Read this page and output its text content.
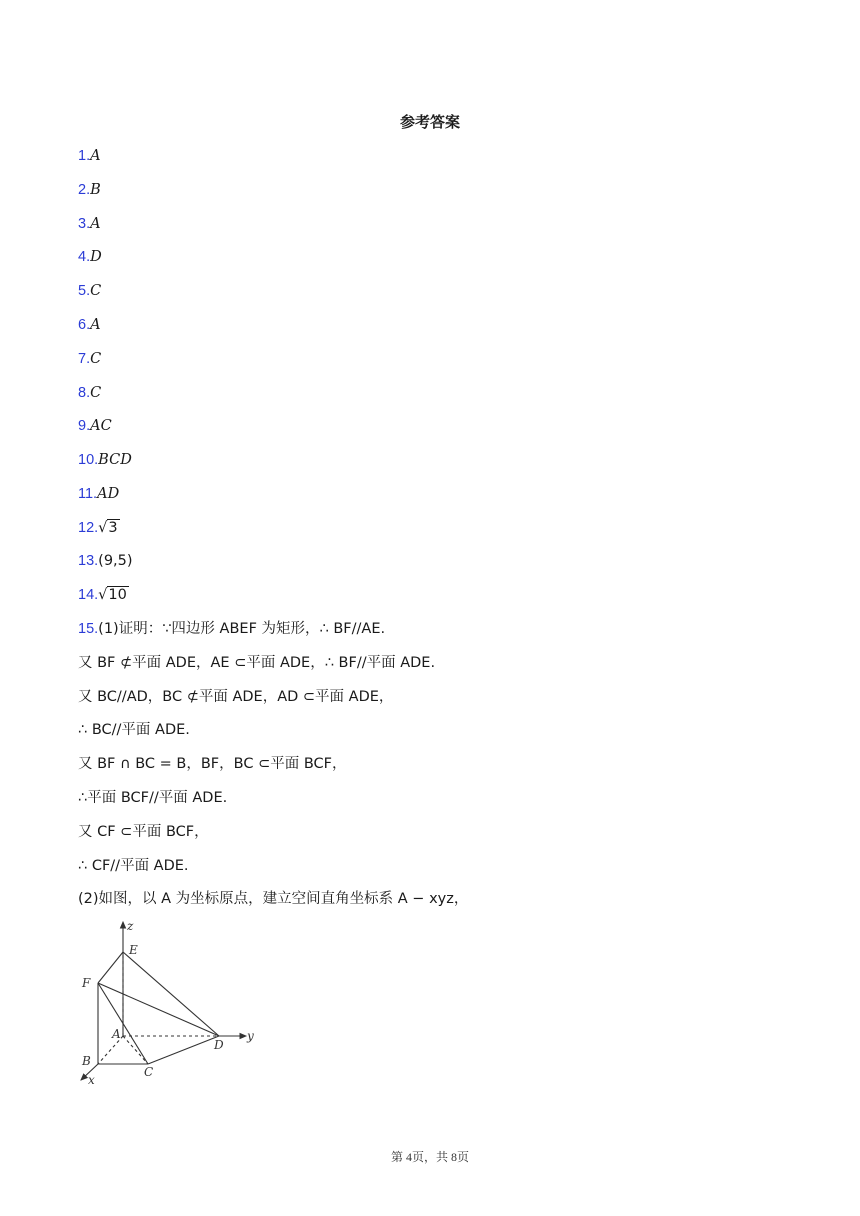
参考答案
1.A
2.B
3.A
4.D
5.C
6.A
7.C
8.C
9.AC
10.BCD
11.AD
12.√3
13.(9,5)
14.√10
15.(1)证明：∵四边形 ABEF 为矩形，∴ BF//AE.
又 BF ⊄平面 ADE，AE ⊂平面 ADE，∴ BF//平面 ADE.
又 BC//AD，BC ⊄平面 ADE，AD ⊂平面 ADE，
∴ BC//平面 ADE.
又 BF ∩ BC = B，BF，BC ⊂平面 BCF，
∴平面 BCF//平面 ADE.
又 CF ⊂平面 BCF，
∴ CF//平面 ADE.
(2)如图，以 A 为坐标原点，建立空间直角坐标系 A − xyz，
z
E
F
A
D
y
B
C
x
第 4页，共 8页
